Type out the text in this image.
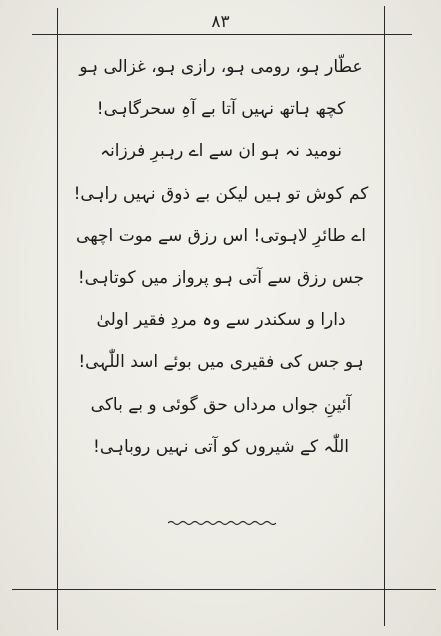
۸۳
عطّار ہو، رومی ہو، رازی ہو، غزالی ہو
کچھ ہاتھ نہیں آتا بے آہِ سحرگاہی!
نومید نہ ہو ان سے اے رہبرِ فرزانہ
کم کوش تو ہیں لیکن بے ذوق نہیں راہی!
اے طائرِ لاہوتی! اس رزق سے موت اچھی
جس رزق سے آتی ہو پرواز میں کوتاہی!
دارا و سکندر سے وہ مردِ فقیر اولیٰ
ہو جس کی فقیری میں بوئے اسد اللّٰہی!
آئینِ جواں مرداں حق گوئی و بے باکی
اللّٰہ کے شیروں کو آتی نہیں روباہی!
